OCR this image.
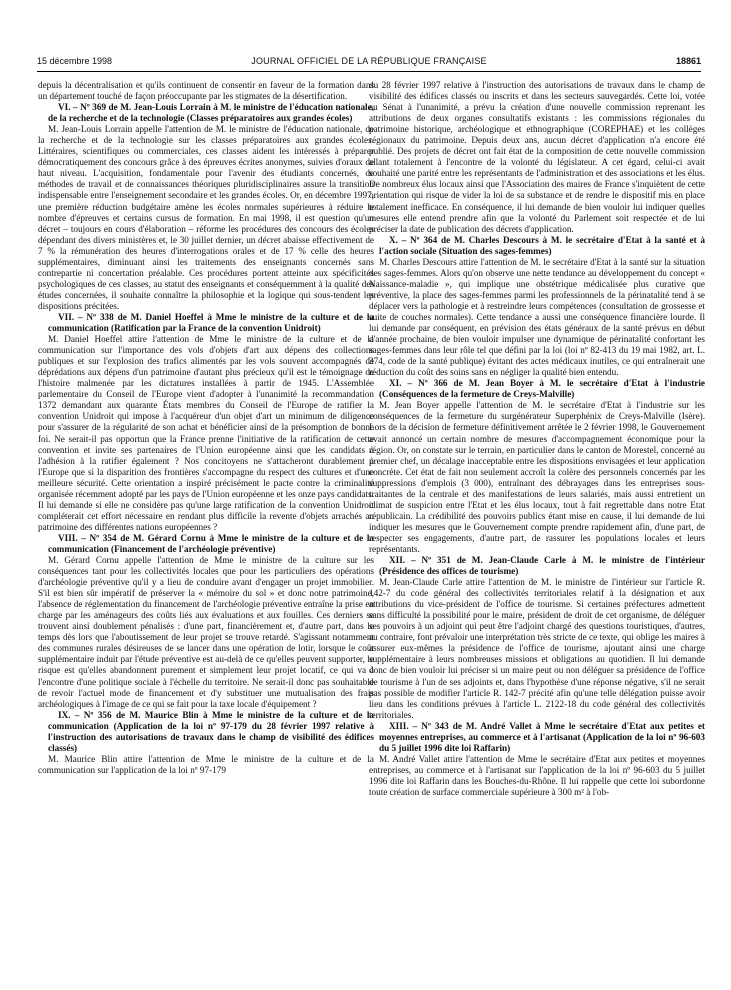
15 décembre 1998	JOURNAL OFFICIEL DE LA RÉPUBLIQUE FRANÇAISE	18861

depuis la décentralisation et qu'ils continuent de consentir en faveur de la formation dans un département touché de façon préoccupante par les stigmates de la désertification.

VI. – Nº 369 de M. Jean-Louis Lorrain à M. le ministre de l'éducation nationale, de la recherche et de la technologie (Classes préparatoires aux grandes écoles)

M. Jean-Louis Lorrain appelle l'attention de M. le ministre de l'éducation nationale, de la recherche et de la technologie sur les classes préparatoires aux grandes écoles. Littéraires, scientifiques ou commerciales, ces classes aident les intéressés à préparer démocratiquement des concours grâce à des épreuves écrites anonymes, suivies d'oraux de haut niveau. L'acquisition, fondamentale pour l'avenir des étudiants concernés, de méthodes de travail et de connaissances théoriques pluridisciplinaires assure la transition indispensable entre l'enseignement secondaire et les grandes écoles. Or, en décembre 1997, une première réduction budgétaire amène les écoles normales supérieures à réduire le nombre d'épreuves et certains cursus de formation. En mai 1998, il est question qu'un décret – toujours en cours d'élaboration – réforme les procédures des concours des écoles dépendant des divers ministères et, le 30 juillet dernier, un décret abaisse effectivement de 7 % la rémunération des heures d'interrogations orales et de 17 % celle des heures supplémentaires, diminuant ainsi les traitements des enseignants concernés sans contrepartie ni concertation préalable. Ces procédures portent atteinte aux spécificités psychologiques de ces classes, au statut des enseignants et conséquemment à la qualité des études concernées, il souhaite connaître la philosophie et la logique qui sous-tendent les dispositions précitées.

VII. – Nº 338 de M. Daniel Hoeffel à Mme le ministre de la culture et de la communication (Ratification par la France de la convention Unidroit)

M. Daniel Hoeffel attire l'attention de Mme le ministre de la culture et de la communication sur l'importance des vols d'objets d'art aux dépens des collections publiques et sur l'explosion des trafics alimentés par les vols souvent accompagnés de déprédations aux dépens d'un patrimoine d'autant plus précieux qu'il est le témoignage de l'histoire malmenée par les dictatures installées à partir de 1945. L'Assemblée parlementaire du Conseil de l'Europe vient d'adopter à l'unanimité la recommandation 1372 demandant aux quarante États membres du Conseil de l'Europe de ratifier la convention Unidroit qui impose à l'acquéreur d'un objet d'art un minimum de diligence pour s'assurer de la régularité de son achat et bénéficier ainsi de la présomption de bonne foi. Ne serait-il pas opportun que la France prenne l'initiative de la ratification de cette convention et invite ses partenaires de l'Union européenne ainsi que les candidats à l'adhésion à la ratifier également ? Nos concitoyens ne s'attacheront durablement à l'Europe que si la disparition des frontières s'accompagne du respect des cultures et d'une meilleure sécurité. Cette orientation a inspiré précisément le pacte contre la criminalité organisée récemment adopté par les pays de l'Union européenne et les onze pays candidats. Il lui demande si elle ne considère pas qu'une large ratification de la convention Unidroit compléterait cet effort nécessaire en rendant plus difficile la revente d'objets arrachés au patrimoine des différentes nations européennes ?

VIII. – Nº 354 de M. Gérard Cornu à Mme le ministre de la culture et de la communication (Financement de l'archéologie préventive)

M. Gérard Cornu appelle l'attention de Mme le ministre de la culture sur les conséquences tant pour les collectivités locales que pour les particuliers des opérations d'archéologie préventive qu'il y a lieu de conduire avant d'engager un projet immobilier. S'il est bien sûr impératif de préserver la « mémoire du sol » et donc notre patrimoine, l'absence de réglementation du financement de l'archéologie préventive entraîne la prise en charge par les aménageurs des coûts liés aux évaluations et aux fouilles. Ces derniers se trouvent ainsi doublement pénalisés : d'une part, financièrement et, d'autre part, dans le temps dès lors que l'aboutissement de leur projet se trouve retardé. S'agissant notamment des communes rurales désireuses de se lancer dans une opération de lotir, lorsque le coût supplémentaire induit par l'étude préventive est au-delà de ce qu'elles peuvent supporter, le risque est qu'elles abandonnent purement et simplement leur projet locatif, ce qui va à l'encontre d'une politique sociale à l'échelle du territoire. Ne serait-il donc pas souhaitable de revoir l'actuel mode de financement et d'y substituer une mutualisation des frais archéologiques à l'image de ce qui se fait pour la taxe locale d'équipement ?

IX. – Nº 356 de M. Maurice Blin à Mme le ministre de la culture et de la communication (Application de la loi nº 97-179 du 28 février 1997 relative à l'instruction des autorisations de travaux dans le champ de visibilité des édifices classés)

M. Maurice Blin attire l'attention de Mme le ministre de la culture et de la communication sur l'application de la loi nº 97-179

du 28 février 1997 relative à l'instruction des autorisations de travaux dans le champ de visibilité des édifices classés ou inscrits et dans les secteurs sauvegardés. Cette loi, votée au Sénat à l'unanimité, a prévu la création d'une nouvelle commission reprenant les attributions de deux organes consultatifs existants : les commissions régionales du patrimoine historique, archéologique et ethnographique (COREPHAE) et les collèges régionaux du patrimoine. Depuis deux ans, aucun décret d'application n'a encore été publié. Des projets de décret ont fait état de la composition de cette nouvelle commission allant totalement à l'encontre de la volonté du législateur. A cet égard, celui-ci avait souhaité une parité entre les représentants de l'administration et des associations et les élus. De nombreux élus locaux ainsi que l'Association des maires de France s'inquiètent de cette orientation qui risque de vider la loi de sa substance et de rendre le dispositif mis en place totalement inefficace. En conséquence, il lui demande de bien vouloir lui indiquer quelles mesures elle entend prendre afin que la volonté du Parlement soit respectée et de lui préciser la date de publication des décrets d'application.

X. – Nº 364 de M. Charles Descours à M. le secrétaire d'Etat à la santé et à l'action sociale (Situation des sages-femmes)

M. Charles Descours attire l'attention de M. le secrétaire d'Etat à la santé sur la situation des sages-femmes. Alors qu'on observe une nette tendance au développement du concept « Naissance-maladie », qui implique une obstétrique médicalisée plus curative que préventive, la place des sages-femmes parmi les professionnels de la périnatalité tend à se déplacer vers la pathologie et à restreindre leurs compétences (consultation de grossesse et suite de couches normales). Cette tendance a aussi une conséquence financière lourde. Il lui demande par conséquent, en prévision des états généraux de la santé prévus en début d'année prochaine, de bien vouloir impulser une dynamique de périnatalité confortant les sages-femmes dans leur rôle tel que défini par la loi (loi nº 82-413 du 19 mai 1982, art. L. 374, code de la santé publique) évitant des actes médicaux inutiles, ce qui entraînerait une réduction du coût des soins sans en négliger la qualité bien entendu.

XI. – Nº 366 de M. Jean Boyer à M. le secrétaire d'Etat à l'industrie (Conséquences de la fermeture de Creys-Malville)

M. Jean Boyer appelle l'attention de M. le secrétaire d'Etat à l'industrie sur les conséquences de la fermeture du surgénérateur Superphénix de Creys-Malville (Isère). Lors de la décision de fermeture définitivement arrêtée le 2 février 1998, le Gouvernement avait annoncé un certain nombre de mesures d'accompagnement économique pour la région. Or, on constate sur le terrain, en particulier dans le canton de Morestel, concerné au premier chef, un décalage inacceptable entre les dispositions envisagées et leur application concrète. Cet état de fait non seulement accroît la colère des personnels concernés par les suppressions d'emplois (3 000), entraînant des débrayages dans les entreprises sous-traitantes de la centrale et des manifestations de leurs salariés, mais aussi entretient un climat de suspicion entre l'Etat et les élus locaux, tout à fait regrettable dans notre Etat républicain. La crédibilité des pouvoirs publics étant mise en cause, il lui demande de lui indiquer les mesures que le Gouvernement compte prendre rapidement afin, d'une part, de respecter ses engagements, d'autre part, de rassurer les populations locales et leurs représentants.

XII. – Nº 351 de M. Jean-Claude Carle à M. le ministre de l'intérieur (Présidence des offices de tourisme)

M. Jean-Claude Carle attire l'attention de M. le ministre de l'intérieur sur l'article R. 142-7 du code général des collectivités territoriales relatif à la désignation et aux attributions du vice-président de l'office de tourisme. Si certaines préfectures admettent sans difficulté la possibilité pour le maire, président de droit de cet organisme, de déléguer ses pouvoirs à un adjoint qui peut être l'adjoint chargé des questions touristiques, d'autres, au contraire, font prévaloir une interprétation très stricte de ce texte, qui oblige les maires à assurer eux-mêmes la présidence de l'office de tourisme, ajoutant ainsi une charge supplémentaire à leurs nombreuses missions et obligations au quotidien. Il lui demande donc de bien vouloir lui préciser si un maire peut ou non déléguer sa présidence de l'office de tourisme à l'un de ses adjoints et, dans l'hypothèse d'une réponse négative, s'il ne serait pas possible de modifier l'article R. 142-7 précité afin qu'une telle délégation puisse avoir lieu dans les conditions prévues à l'article L. 2122-18 du code général des collectivités territoriales.

XIII. – Nº 343 de M. André Vallet à Mme le secrétaire d'Etat aux petites et moyennes entreprises, au commerce et à l'artisanat (Application de la loi nº 96-603 du 5 juillet 1996 dite loi Raffarin)

M. André Vallet attire l'attention de Mme le secrétaire d'Etat aux petites et moyennes entreprises, au commerce et à l'artisanat sur l'application de la loi nº 96-603 du 5 juillet 1996 dite loi Raffarin dans les Bouches-du-Rhône. Il lui rappelle que cette loi subordonne toute création de surface commerciale supérieure à 300 m² à l'ob-
